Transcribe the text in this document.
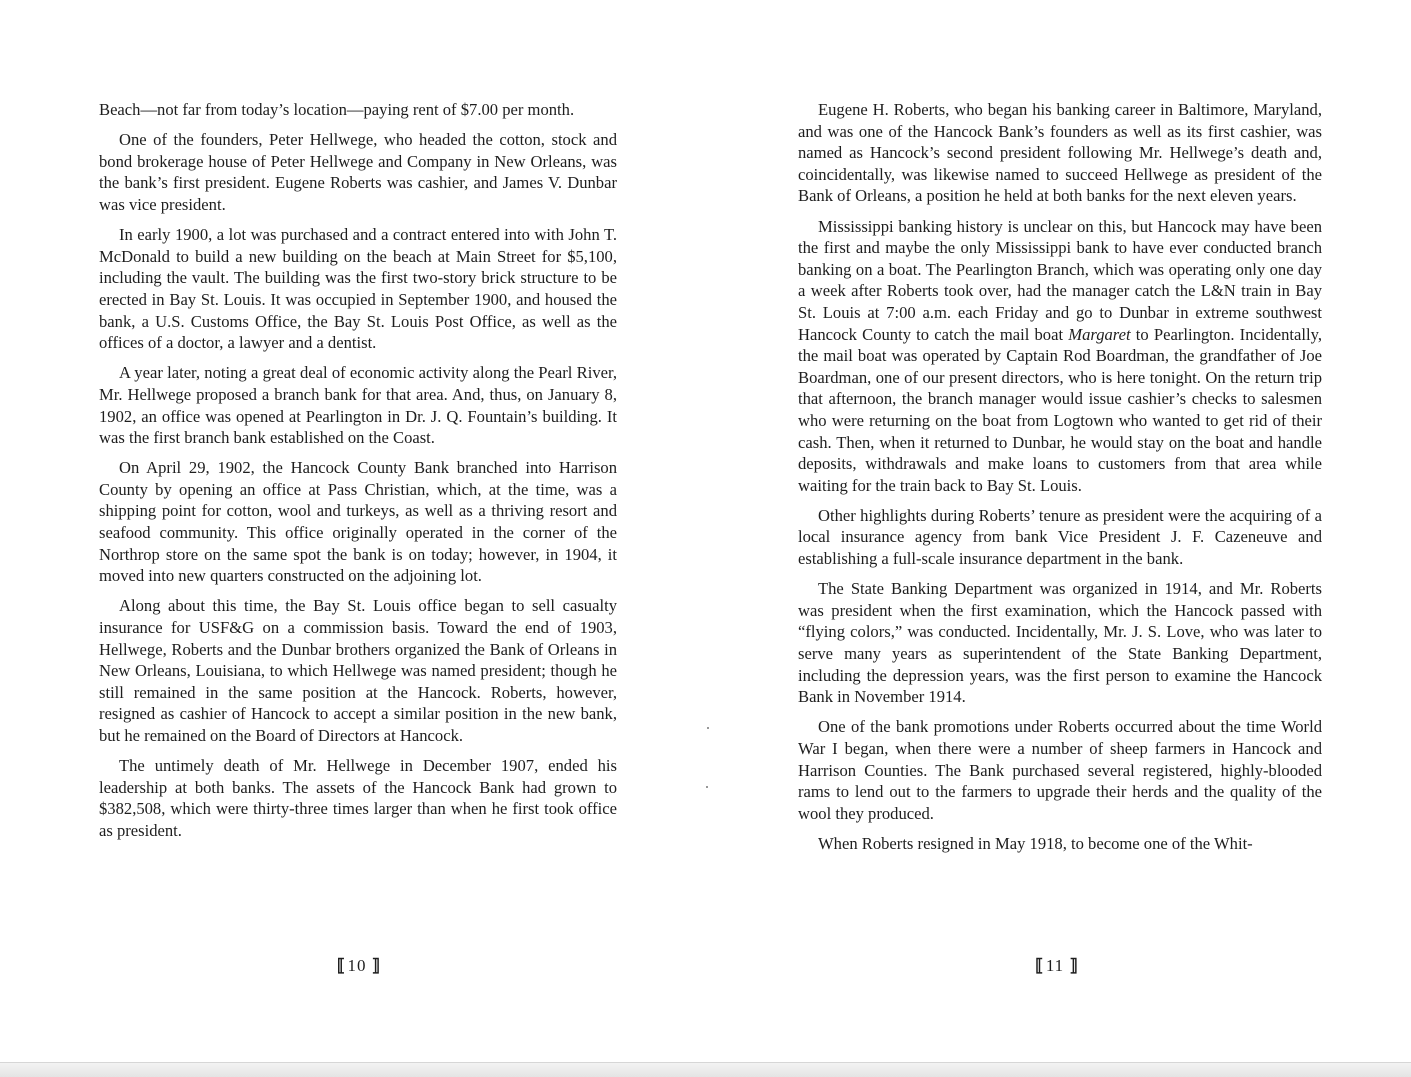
Beach—not far from today’s location—paying rent of $7.00 per month.

One of the founders, Peter Hellwege, who headed the cotton, stock and bond brokerage house of Peter Hellwege and Company in New Orleans, was the bank’s first president. Eugene Roberts was cashier, and James V. Dunbar was vice president.

In early 1900, a lot was purchased and a contract entered into with John T. McDonald to build a new building on the beach at Main Street for $5,100, including the vault. The building was the first two-story brick structure to be erected in Bay St. Louis. It was occupied in September 1900, and housed the bank, a U.S. Customs Office, the Bay St. Louis Post Office, as well as the offices of a doctor, a lawyer and a dentist.

A year later, noting a great deal of economic activity along the Pearl River, Mr. Hellwege proposed a branch bank for that area. And, thus, on January 8, 1902, an office was opened at Pearlington in Dr. J. Q. Fountain’s building. It was the first branch bank established on the Coast.

On April 29, 1902, the Hancock County Bank branched into Harrison County by opening an office at Pass Christian, which, at the time, was a shipping point for cotton, wool and turkeys, as well as a thriving resort and seafood community. This office originally operated in the corner of the Northrop store on the same spot the bank is on today; however, in 1904, it moved into new quarters constructed on the adjoining lot.

Along about this time, the Bay St. Louis office began to sell casualty insurance for USF&G on a commission basis. Toward the end of 1903, Hellwege, Roberts and the Dunbar brothers organized the Bank of Orleans in New Orleans, Louisiana, to which Hellwege was named president; though he still remained in the same position at the Hancock. Roberts, however, resigned as cashier of Hancock to accept a similar position in the new bank, but he remained on the Board of Directors at Hancock.

The untimely death of Mr. Hellwege in December 1907, ended his leadership at both banks. The assets of the Hancock Bank had grown to $382,508, which were thirty-three times larger than when he first took office as president.

⟦ 10 ⟧

Eugene H. Roberts, who began his banking career in Baltimore, Maryland, and was one of the Hancock Bank’s founders as well as its first cashier, was named as Hancock’s second president following Mr. Hellwege’s death and, coincidentally, was likewise named to succeed Hellwege as president of the Bank of Orleans, a position he held at both banks for the next eleven years.

Mississippi banking history is unclear on this, but Hancock may have been the first and maybe the only Mississippi bank to have ever conducted branch banking on a boat. The Pearlington Branch, which was operating only one day a week after Roberts took over, had the manager catch the L&N train in Bay St. Louis at 7:00 a.m. each Friday and go to Dunbar in extreme southwest Hancock County to catch the mail boat Margaret to Pearlington. Incidentally, the mail boat was operated by Captain Rod Boardman, the grandfather of Joe Boardman, one of our present directors, who is here tonight. On the return trip that afternoon, the branch manager would issue cashier’s checks to salesmen who were returning on the boat from Logtown who wanted to get rid of their cash. Then, when it returned to Dunbar, he would stay on the boat and handle deposits, withdrawals and make loans to customers from that area while waiting for the train back to Bay St. Louis.

Other highlights during Roberts’ tenure as president were the acquiring of a local insurance agency from bank Vice President J. F. Cazeneuve and establishing a full-scale insurance department in the bank.

The State Banking Department was organized in 1914, and Mr. Roberts was president when the first examination, which the Hancock passed with “flying colors,” was conducted. Incidentally, Mr. J. S. Love, who was later to serve many years as superintendent of the State Banking Department, including the depression years, was the first person to examine the Hancock Bank in November 1914.

One of the bank promotions under Roberts occurred about the time World War I began, when there were a number of sheep farmers in Hancock and Harrison Counties. The Bank purchased several registered, highly-blooded rams to lend out to the farmers to upgrade their herds and the quality of the wool they produced.

When Roberts resigned in May 1918, to become one of the Whit-

⟦ 11 ⟧
